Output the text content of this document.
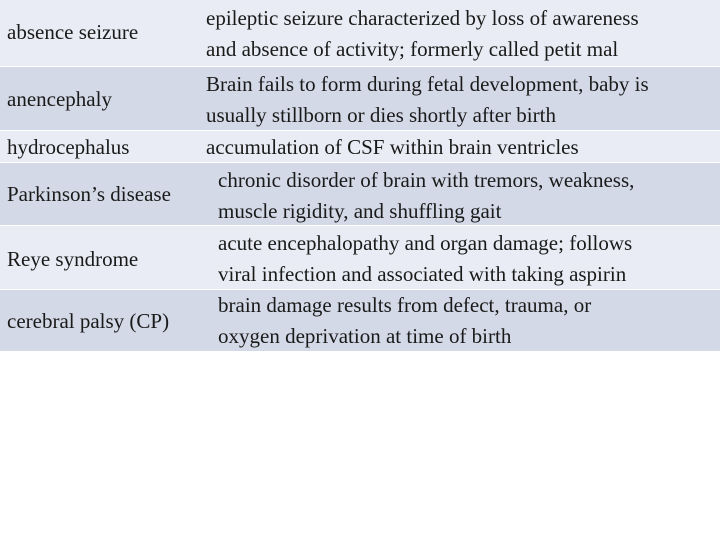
absence seizure
epileptic seizure characterized by loss of awareness
and absence of activity; formerly called petit mal
anencephaly
Brain fails to form during fetal development, baby is
usually stillborn or dies shortly after birth
hydrocephalus	accumulation of CSF within brain ventricles
Parkinson’s disease
chronic disorder of brain with tremors, weakness,
muscle rigidity, and shuffling gait
Reye syndrome
acute encephalopathy and organ damage; follows
viral infection and associated with taking aspirin
cerebral palsy (CP)
brain damage results from defect, trauma, or
oxygen deprivation at time of birth
